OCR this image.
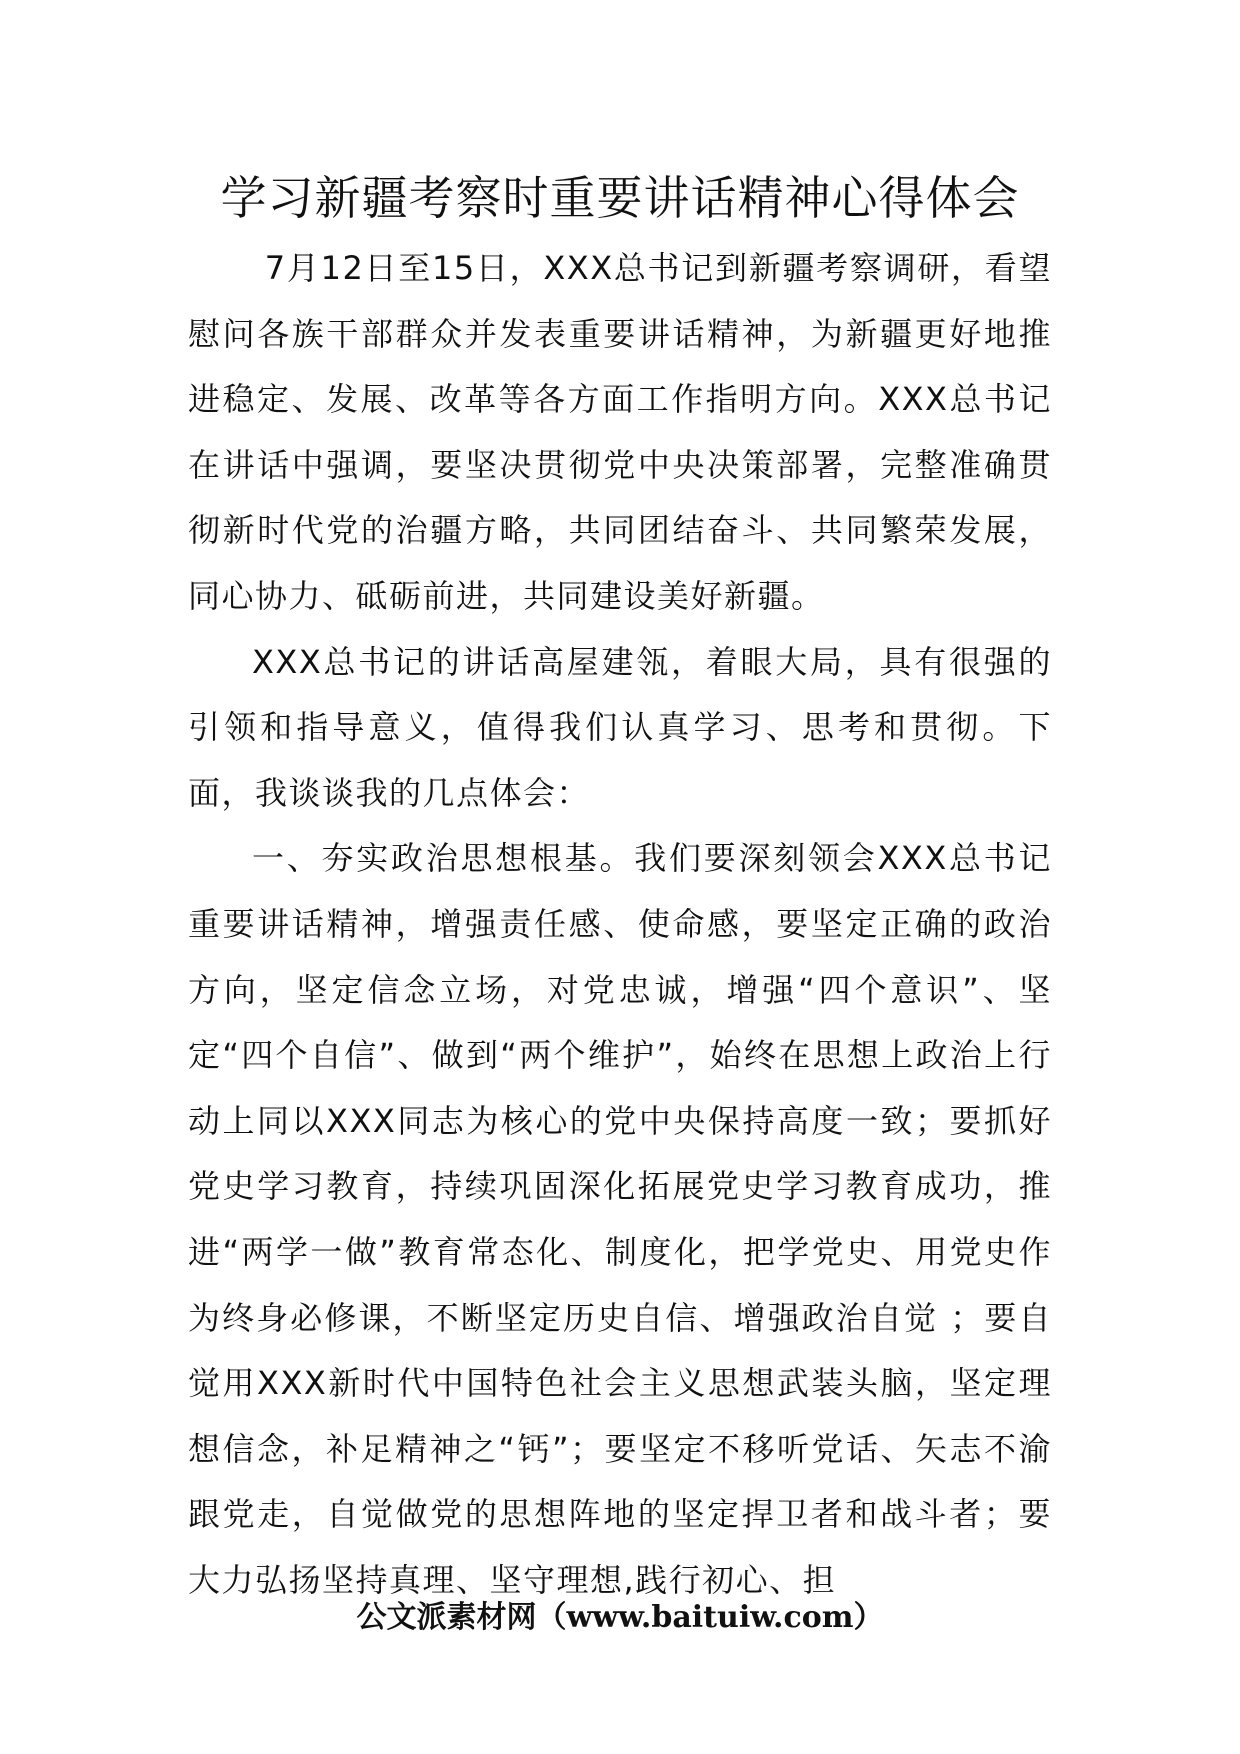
学习新疆考察时重要讲话精神心得体会

7月12日至15日，XXX总书记到新疆考察调研，看望慰问各族干部群众并发表重要讲话精神，为新疆更好地推进稳定、发展、改革等各方面工作指明方向。XXX总书记在讲话中强调，要坚决贯彻党中央决策部署，完整准确贯彻新时代党的治疆方略，共同团结奋斗、共同繁荣发展，同心协力、砥砺前进，共同建设美好新疆。

XXX总书记的讲话高屋建瓴，着眼大局，具有很强的引领和指导意义，值得我们认真学习、思考和贯彻。下面，我谈谈我的几点体会：

一、夯实政治思想根基。我们要深刻领会XXX总书记重要讲话精神，增强责任感、使命感，要坚定正确的政治方向，坚定信念立场，对党忠诚，增强“四个意识”、坚定“四个自信”、做到“两个维护”，始终在思想上政治上行动上同以XXX同志为核心的党中央保持高度一致；要抓好党史学习教育，持续巩固深化拓展党史学习教育成功，推进“两学一做”教育常态化、制度化，把学党史、用党史作为终身必修课，不断坚定历史自信、增强政治自觉 ；要自觉用XXX新时代中国特色社会主义思想武装头脑，坚定理想信念，补足精神之“钙”；要坚定不移听党话、矢志不渝跟党走，自觉做党的思想阵地的坚定捍卫者和战斗者；要大力弘扬坚持真理、坚守理想,践行初心、担

公文派素材网（www.baituiw.com）
